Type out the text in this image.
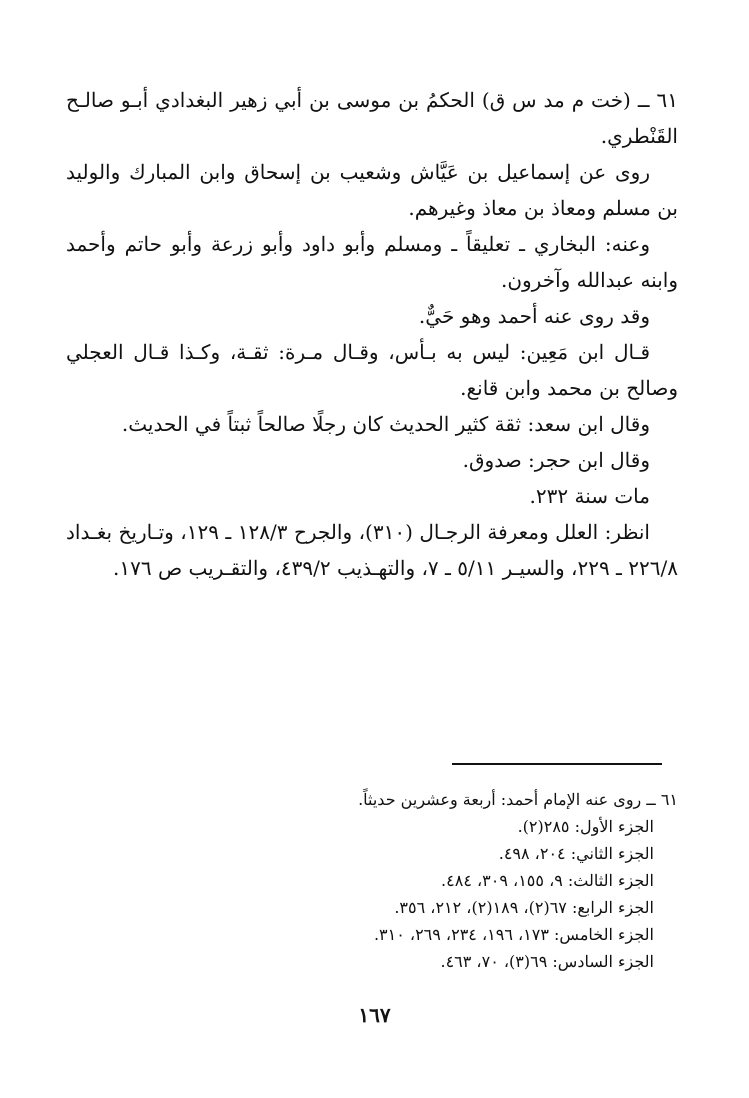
٦١ ــ (خت م مد س ق) الحكمُ بن موسى بن أبي زهير البغدادي أبـو صالـح القَنْطري.

روى عن إسماعيل بن عَيَّاش وشعيب بن إسحاق وابن المبارك والوليد بن مسلم ومعاذ بن معاذ وغيرهم.

وعنه: البخاري ـ تعليقاً ـ ومسلم وأبو داود وأبو زرعة وأبو حاتم وأحمد وابنه عبدالله وآخرون.

وقد روى عنه أحمد وهو حَيٌّ.

قـال ابن مَعِين: ليس به بـأس، وقـال مـرة: ثقـة، وكـذا قـال العجلي وصالح بن محمد وابن قانع.

وقال ابن سعد: ثقة كثير الحديث كان رجلًا صالحاً ثبتاً في الحديث.

وقال ابن حجر: صدوق.

مات سنة ٢٣٢.

انظر: العلل ومعرفة الرجـال (٣١٠)، والجرح ١٢٨/٣ ـ ١٢٩، وتـاريخ بغـداد ٢٢٦/٨ ـ ٢٢٩، والسيـر ٥/١١ ـ ٧، والتهـذيب ٤٣٩/٢، والتقـريب ص ١٧٦.

٦١ ــ روى عنه الإمام أحمد: أربعة وعشرين حديثاً.

الجزء الأول: ٢٨٥(٢).

الجزء الثاني: ٢٠٤، ٤٩٨.

الجزء الثالث: ٩، ١٥٥، ٣٠٩، ٤٨٤.

الجزء الرابع: ٦٧(٢)، ١٨٩(٢)، ٢١٢، ٣٥٦.

الجزء الخامس: ١٧٣، ١٩٦، ٢٣٤، ٢٦٩، ٣١٠.

الجزء السادس: ٦٩(٣)، ٧٠، ٤٦٣.

١٦٧
